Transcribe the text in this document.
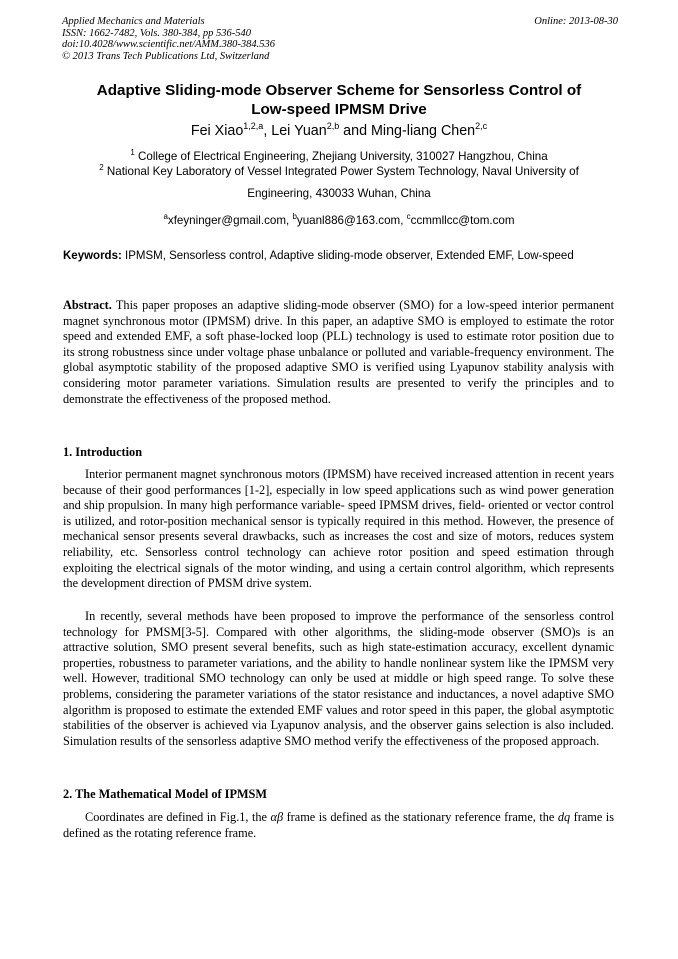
Applied Mechanics and Materials
ISSN: 1662-7482, Vols. 380-384, pp 536-540
doi:10.4028/www.scientific.net/AMM.380-384.536
© 2013 Trans Tech Publications Ltd, Switzerland
Online: 2013-08-30
Adaptive Sliding-mode Observer Scheme for Sensorless Control of
Low-speed IPMSM Drive
Fei Xiao$^{1,2,a}$, Lei Yuan$^{2,b}$ and Ming-liang Chen$^{2,c}$
$^1$ College of Electrical Engineering, Zhejiang University, 310027 Hangzhou, China
$^2$ National Key Laboratory of Vessel Integrated Power System Technology, Naval University of
Engineering, 430033 Wuhan, China
$^a$xfeyninger@gmail.com, $^b$yuanl886@163.com, $^c$ccmmllcc@tom.com
Keywords: IPMSM, Sensorless control, Adaptive sliding-mode observer, Extended EMF, Low-speed
Abstract. This paper proposes an adaptive sliding-mode observer (SMO) for a low-speed interior permanent magnet synchronous motor (IPMSM) drive. In this paper, an adaptive SMO is employed to estimate the rotor speed and extended EMF, a soft phase-locked loop (PLL) technology is used to estimate rotor position due to its strong robustness since under voltage phase unbalance or polluted and variable-frequency environment. The global asymptotic stability of the proposed adaptive SMO is verified using Lyapunov stability analysis with considering motor parameter variations. Simulation results are presented to verify the principles and to demonstrate the effectiveness of the proposed method.
1. Introduction
Interior permanent magnet synchronous motors (IPMSM) have received increased attention in recent years because of their good performances [1-2], especially in low speed applications such as wind power generation and ship propulsion. In many high performance variable- speed IPMSM drives, field- oriented or vector control is utilized, and rotor-position mechanical sensor is typically required in this method. However, the presence of mechanical sensor presents several drawbacks, such as increases the cost and size of motors, reduces system reliability, etc. Sensorless control technology can achieve rotor position and speed estimation through exploiting the electrical signals of the motor winding, and using a certain control algorithm, which represents the development direction of PMSM drive system.
In recently, several methods have been proposed to improve the performance of the sensorless control technology for PMSM[3-5]. Compared with other algorithms, the sliding-mode observer (SMO)s is an attractive solution, SMO present several benefits, such as high state-estimation accuracy, excellent dynamic properties, robustness to parameter variations, and the ability to handle nonlinear system like the IPMSM very well. However, traditional SMO technology can only be used at middle or high speed range. To solve these problems, considering the parameter variations of the stator resistance and inductances, a novel adaptive SMO algorithm is proposed to estimate the extended EMF values and rotor speed in this paper, the global asymptotic stabilities of the observer is achieved via Lyapunov analysis, and the observer gains selection is also included. Simulation results of the sensorless adaptive SMO method verify the effectiveness of the proposed approach.
2. The Mathematical Model of IPMSM
Coordinates are defined in Fig.1, the αβ frame is defined as the stationary reference frame, the dq frame is defined as the rotating reference frame.
